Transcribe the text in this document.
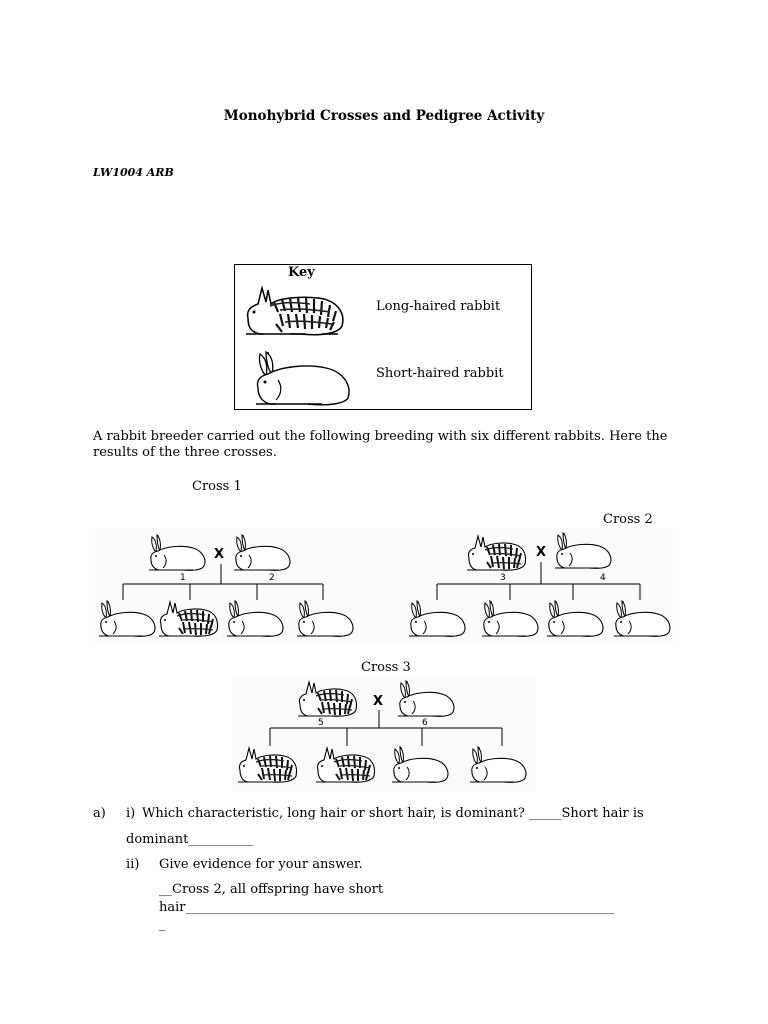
Monohybrid Crosses and Pedigree Activity
LW1004 ARB
Key
Long-haired rabbit
Short-haired rabbit
A rabbit breeder carried out the following breeding with six different rabbits. Here the results of the three crosses.
Cross 1
Cross 2
X
1	2
X
3	4
Cross 3
X
5	6
a) i) Which characteristic, long hair or short hair, is dominant? _____Short hair is
dominant__________
ii) Give evidence for your answer.
__Cross 2, all offspring have short
hair__________________________________________________________________
_
